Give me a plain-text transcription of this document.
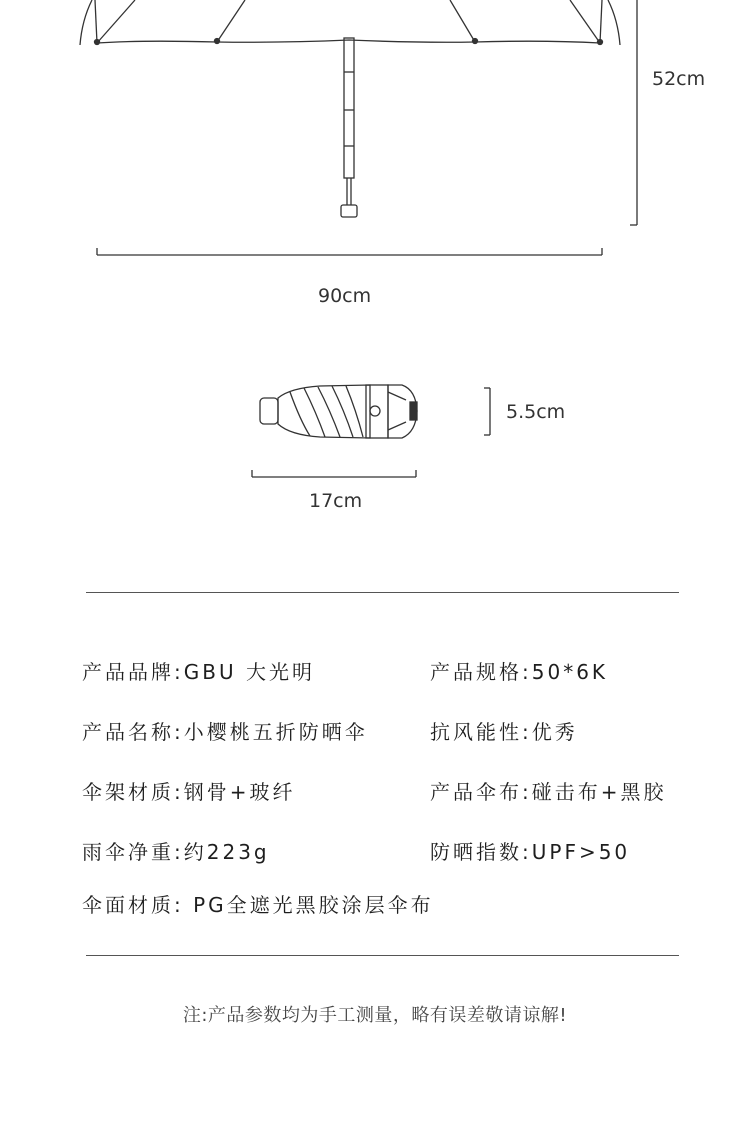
52cm
90cm
5.5cm
17cm
产品品牌:GBU 大光明	产品规格:50*6K
产品名称:小樱桃五折防晒伞	抗风能性:优秀
伞架材质:钢骨+玻纤	产品伞布:碰击布+黑胶
雨伞净重:约223g	防晒指数:UPF>50
伞面材质: PG全遮光黑胶涂层伞布
注:产品参数均为手工测量，略有误差敬请谅解!
